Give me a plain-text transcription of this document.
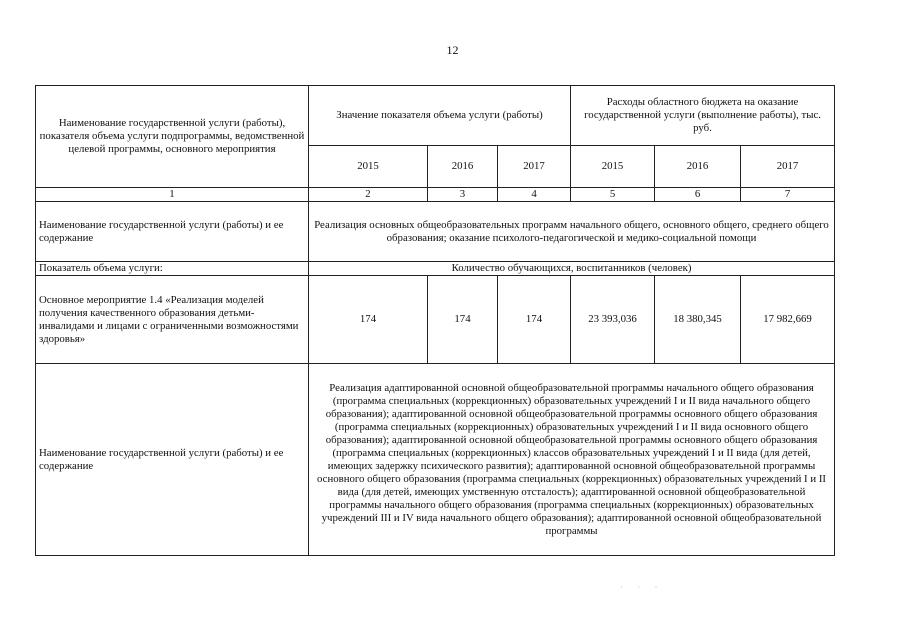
12
Наименование государственной услуги (работы), показателя объема услуги подпрограммы, ведомственной целевой программы, основного мероприятия	Значение показателя объема услуги (работы)			Расходы областного бюджета на оказание государственной услуги (выполнение работы), тыс. руб.		
	2015	2016	2017	2015	2016	2017
1	2	3	4	5	6	7
Наименование государственной услуги (работы) и ее содержание	Реализация основных общеобразовательных программ начального общего, основного общего, среднего общего образования; оказание психолого-педагогической и медико-социальной помощи					
Показатель объема услуги:	Количество обучающихся, воспитанников (человек)					
Основное мероприятие 1.4 «Реализация моделей получения качественного образования детьми-инвалидами и лицами с ограниченными возможностями здоровья»	174	174	174	23 393,036	18 380,345	17 982,669
Наименование государственной услуги (работы) и ее содержание	Реализация адаптированной основной общеобразовательной программы начального общего образования (программа специальных (коррекционных) образовательных учреждений I и II вида начального общего образования); адаптированной основной общеобразовательной программы основного общего образования (программа специальных (коррекционных) образовательных учреждений I и II вида основного общего образования); адаптированной основной общеобразовательной программы основного общего образования (программа специальных (коррекционных) классов образовательных учреждений I и II вида (для детей, имеющих задержку психического развития); адаптированной основной общеобразовательной программы основного общего образования (программа специальных (коррекционных) образовательных учреждений I и II вида (для детей, имеющих умственную отсталость); адаптированной основной общеобразовательной программы начального общего образования (программа специальных (коррекционных) образовательных учреждений III и IV вида начального общего образования); адаптированной основной общеобразовательной программы					
· · ·
